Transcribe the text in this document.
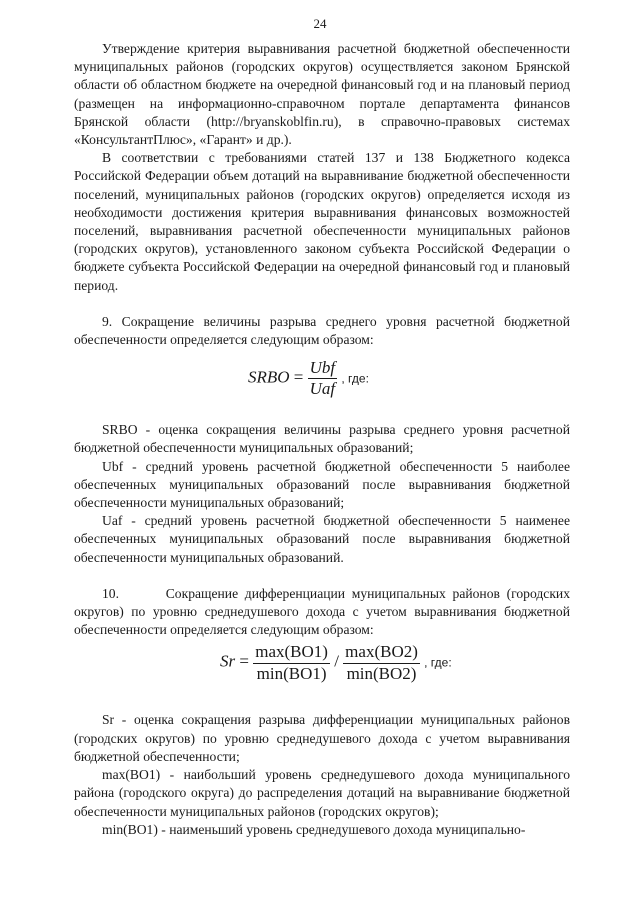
24

Утверждение критерия выравнивания расчетной бюджетной обеспеченности муниципальных районов (городских округов) осуществляется законом Брянской области об областном бюджете на очередной финансовый год и на плановый период (размещен на информационно-справочном портале департамента финансов Брянской области (http://bryanskoblfin.ru), в справочно-правовых системах «КонсультантПлюс», «Гарант» и др.).

В соответствии с требованиями статей 137 и 138 Бюджетного кодекса Российской Федерации объем дотаций на выравнивание бюджетной обеспеченности поселений, муниципальных районов (городских округов) определяется исходя из необходимости достижения критерия выравнивания финансовых возможностей поселений, выравнивания расчетной обеспеченности муниципальных районов (городских округов), установленного законом субъекта Российской Федерации о бюджете субъекта Российской Федерации на очередной финансовый год и плановый период.

9. Сокращение величины разрыва среднего уровня расчетной бюджетной обеспеченности определяется следующим образом:

SRBO = $\frac{\text{Ubf}}{\text{Uaf}}$ , где:

SRBO - оценка сокращения величины разрыва среднего уровня расчетной бюджетной обеспеченности муниципальных образований;

Ubf - средний уровень расчетной бюджетной обеспеченности 5 наиболее обеспеченных муниципальных образований после выравнивания бюджетной обеспеченности муниципальных образований;

Uaf - средний уровень расчетной бюджетной обеспеченности 5 наименее обеспеченных муниципальных образований после выравнивания бюджетной обеспеченности муниципальных образований.

10.       Сокращение дифференциации муниципальных районов (городских округов) по уровню среднедушевого дохода с учетом выравнивания бюджетной обеспеченности определяется следующим образом:

$Sr = \frac{\max(BO1)}{\min(BO1)} / \frac{\max(BO2)}{\min(BO2)}$ , где:

Sr - оценка сокращения разрыва дифференциации муниципальных районов (городских округов) по уровню среднедушевого дохода с учетом выравнивания бюджетной обеспеченности;

max(BO1) - наибольший уровень среднедушевого дохода муниципального района (городского округа) до распределения дотаций на выравнивание бюджетной обеспеченности муниципальных районов (городских округов);

min(BO1) - наименьший уровень среднедушевого дохода муниципально-
